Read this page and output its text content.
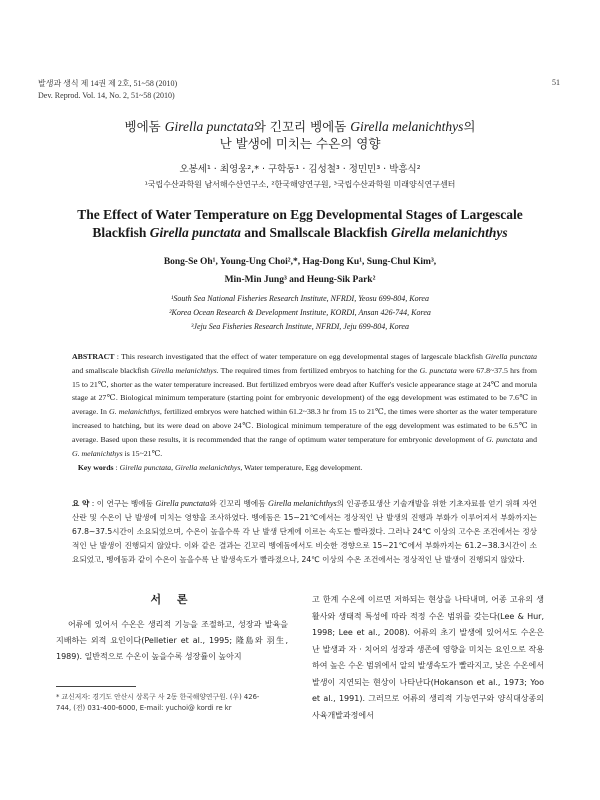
발생과 생식 제 14권 제 2호, 51~58 (2010)
Dev. Reprod. Vol. 14, No. 2, 51~58 (2010)
51
벵에돔 Girella punctata와 긴꼬리 벵에돔 Girella melanichthys의
난 발생에 미치는 수온의 영향
오봉세¹ · 최영웅²,* · 구학동¹ · 김성철³ · 정민민³ · 박흥식²
¹국립수산과학원 남서해수산연구소, ²한국해양연구원, ³국립수산과학원 미래양식연구센터
The Effect of Water Temperature on Egg Developmental Stages of Largescale
Blackfish Girella punctata and Smallscale Blackfish Girella melanichthys
Bong-Se Oh¹, Young-Ung Choi²,*, Hag-Dong Ku¹, Sung-Chul Kim³,
Min-Min Jung³ and Heung-Sik Park²
¹South Sea National Fisheries Research Institute, NFRDI, Yeosu 699-804, Korea
²Korea Ocean Research & Development Institute, KORDI, Ansan 426-744, Korea
³Jeju Sea Fisheries Research Institute, NFRDI, Jeju 699-804, Korea
ABSTRACT : This research investigated that the effect of water temperature on egg developmental stages of largescale blackfish Girella punctata and smallscale blackfish Girella melanichthys. The required times from fertilized embryos to hatching for the G. punctata were 67.8~37.5 hrs from 15 to 21℃, shorter as the water temperature increased. But fertilized embryos were dead after Kuffer's vesicle appearance stage at 24℃ and morula stage at 27℃. Biological minimum temperature (starting point for embryonic development) of the egg development was estimated to be 7.6℃ in average. In G. melanichthys, fertilized embryos were hatched within 61.2~38.3 hr from 15 to 21℃, the times were shorter as the water temperature increased to hatching, but its were dead on above 24℃. Biological minimum temperature of the egg development was estimated to be 6.5℃ in average. Based upon these results, it is recommended that the range of optimum water temperature for embryonic development of G. punctata and G. melanichthys is 15~21℃.
Key words : Girella punctata, Girella melanichthys, Water temperature, Egg development.
요 약 : 이 연구는 벵에돔 Girella punctata와 긴꼬리 벵에돔 Girella melanichthys의 인공종묘생산 기술개발을 위한 기초자료를 얻기 위해 자연산란 및 수온이 난 발생에 미치는 영향을 조사하였다. 벵에돔은 15~21℃에서는 정상적인 난 발생의 진행과 부화가 이루어져서 부화까지는 67.8~37.5시간이 소요되었으며, 수온이 높을수록 각 난 발생 단계에 이르는 속도는 빨라졌다. 그러나 24℃ 이상의 고수온 조건에서는 정상적인 난 발생이 진행되지 않았다. 이와 같은 결과는 긴꼬리 벵에돔에서도 비슷한 경향으로 15~21℃에서 부화까지는 61.2~38.3시간이 소요되었고, 벵에돔과 같이 수온이 높을수록 난 발생속도가 빨라졌으나, 24℃ 이상의 수온 조건에서는 정상적인 난 발생이 진행되지 않았다.
서 론

어류에 있어서 수온은 생리적 기능을 조절하고, 성장과 발육을 지배하는 외적 요인이다(Pelletier et al., 1995; 隆島와 羽生, 1989). 일반적으로 수온이 높을수록 성장률이 높아지

고 한계 수온에 이르면 저하되는 현상을 나타내며, 어종 고유의 생활사와 생태적 특성에 따라 적정 수온 범위를 갖는다(Lee & Hur, 1998; Lee et al., 2008). 어류의 초기 발생에 있어서도 수온은 난 발생과 자 · 치어의 성장과 생존에 영향을 미치는 요인으로 작용하여 높은 수온 범위에서 알의 발생속도가 빨라지고, 낮은 수온에서 발생이 지연되는 현상이 나타난다(Hokanson et al., 1973; Yoo et al., 1991). 그러므로 어류의 생리적 기능연구와 양식대상종의 사육개발과정에서

* 교신저자: 경기도 안산시 상록구 사 2동 한국해양연구원. (우) 426-
744, (전) 031-400-6000, E-mail: yuchoi@ kordi re kr
